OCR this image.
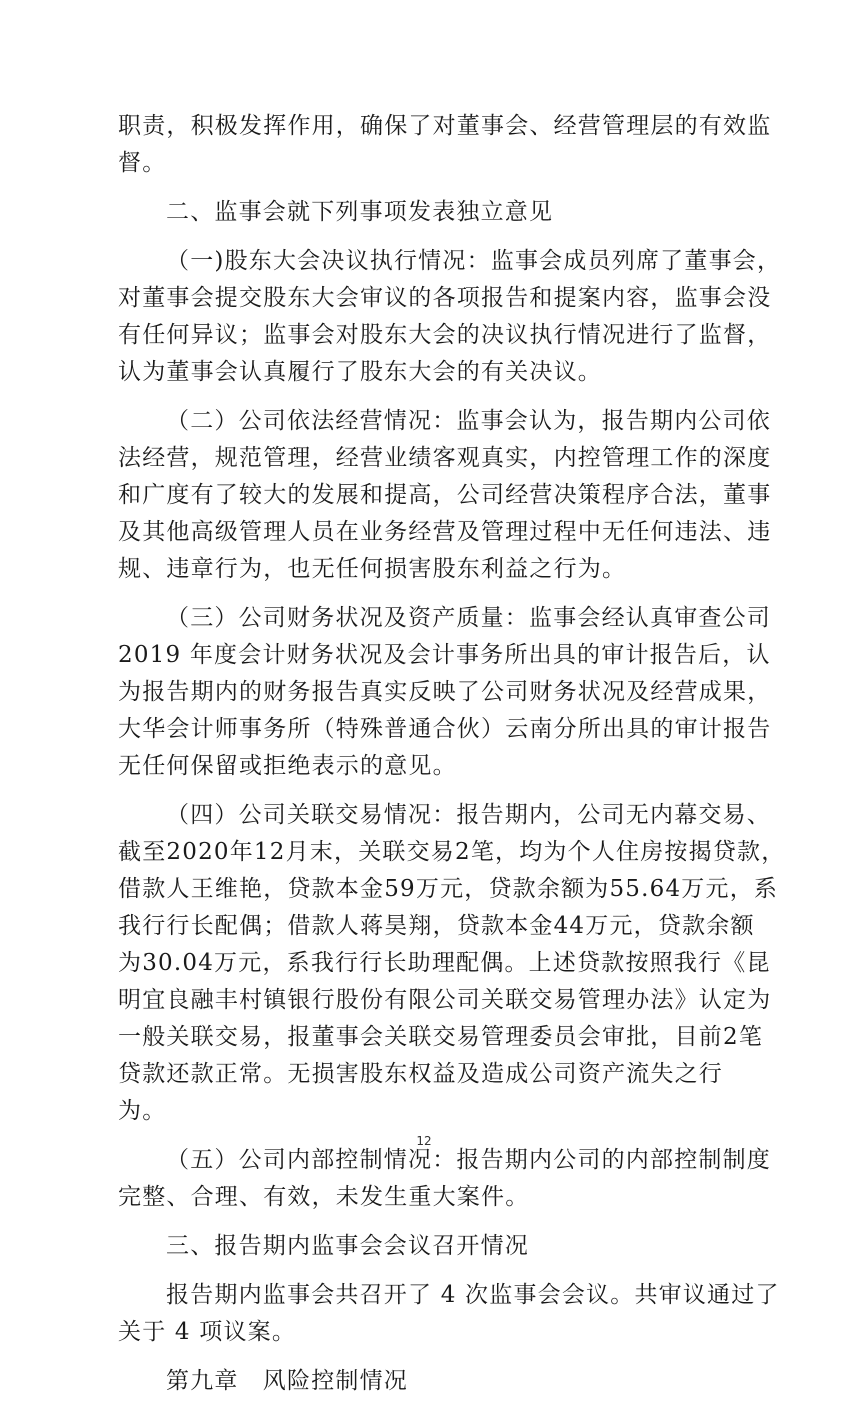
职责，积极发挥作用，确保了对董事会、经营管理层的有效监
督。

二、监事会就下列事项发表独立意见

（一)股东大会决议执行情况：监事会成员列席了董事会，
对董事会提交股东大会审议的各项报告和提案内容，监事会没
有任何异议；监事会对股东大会的决议执行情况进行了监督，
认为董事会认真履行了股东大会的有关决议。

（二）公司依法经营情况：监事会认为，报告期内公司依
法经营，规范管理，经营业绩客观真实，内控管理工作的深度
和广度有了较大的发展和提高，公司经营决策程序合法，董事
及其他高级管理人员在业务经营及管理过程中无任何违法、违
规、违章行为，也无任何损害股东利益之行为。

（三）公司财务状况及资产质量：监事会经认真审查公司
2019 年度会计财务状况及会计事务所出具的审计报告后，认
为报告期内的财务报告真实反映了公司财务状况及经营成果，
大华会计师事务所（特殊普通合伙）云南分所出具的审计报告
无任何保留或拒绝表示的意见。

（四）公司关联交易情况：报告期内，公司无内幕交易、
截至2020年12月末，关联交易2笔，均为个人住房按揭贷款，
借款人王维艳，贷款本金59万元，贷款余额为55.64万元，系
我行行长配偶；借款人蒋昊翔，贷款本金44万元，贷款余额
为30.04万元，系我行行长助理配偶。上述贷款按照我行《昆
明宜良融丰村镇银行股份有限公司关联交易管理办法》认定为
一般关联交易，报董事会关联交易管理委员会审批，目前2笔
贷款还款正常。无损害股东权益及造成公司资产流失之行
为。

（五）公司内部控制情况：报告期内公司的内部控制制度
完整、合理、有效，未发生重大案件。

三、报告期内监事会会议召开情况

报告期内监事会共召开了 4 次监事会会议。共审议通过了
关于 4 项议案。

第九章　风险控制情况

12
